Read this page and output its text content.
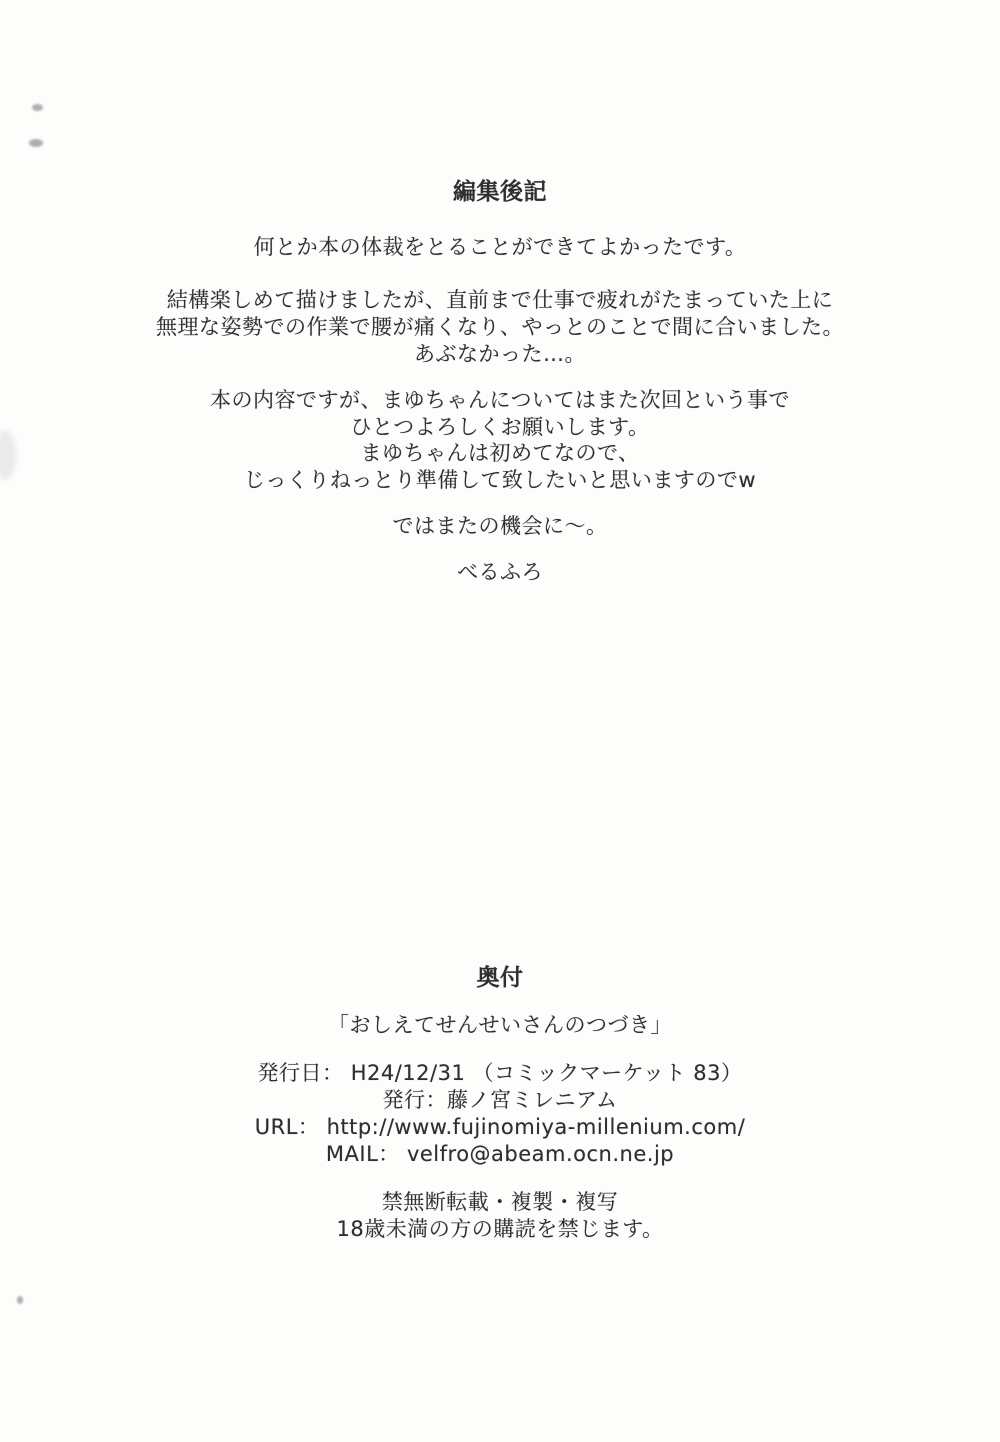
編集後記
何とか本の体裁をとることができてよかったです。
結構楽しめて描けましたが、直前まで仕事で疲れがたまっていた上に
無理な姿勢での作業で腰が痛くなり、やっとのことで間に合いました。
あぶなかった…。
本の内容ですが、まゆちゃんについてはまた次回という事で
ひとつよろしくお願いします。
まゆちゃんは初めてなので、
じっくりねっとり準備して致したいと思いますのでw
ではまたの機会に～。
べるふろ
奥付
「おしえてせんせいさんのつづき」
発行日： H24/12/31 （コミックマーケット 83）
発行：藤ノ宮ミレニアム
URL： http://www.fujinomiya-millenium.com/
MAIL： velfro@abeam.ocn.ne.jp
禁無断転載・複製・複写
18歳未満の方の購読を禁じます。
